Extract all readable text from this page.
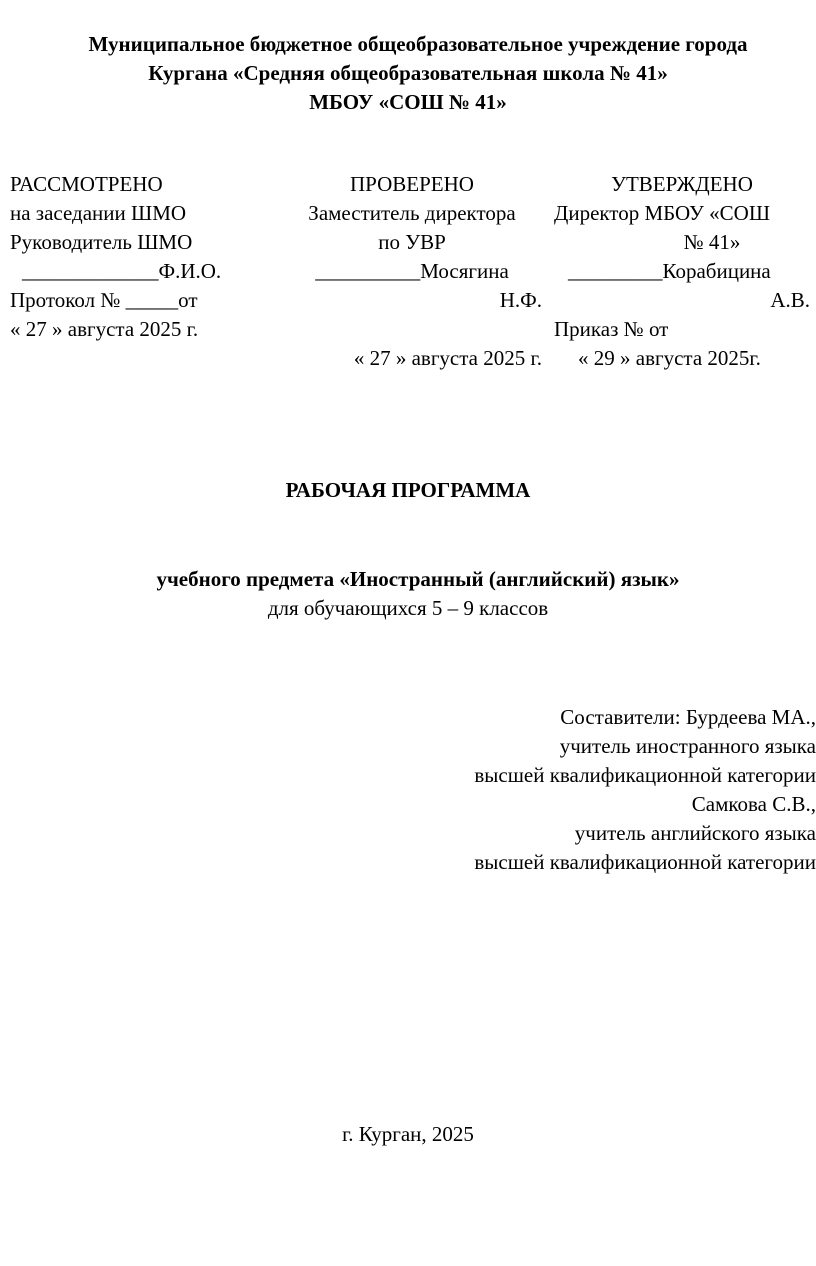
Муниципальное бюджетное общеобразовательное учреждение города
Кургана «Средняя общеобразовательная школа № 41»
МБОУ «СОШ № 41»
РАССМОТРЕНО
на заседании ШМО
Руководитель ШМО
_____________Ф.И.О.
Протокол № _____от
« 27 » августа 2025 г.
ПРОВЕРЕНО
Заместитель директора
по УВР
__________Мосягина
Н.Ф.
« 27 » августа 2025 г.
УТВЕРЖДЕНО
Директор МБОУ «СОШ
№ 41»
_________Корабицина
А.В.
Приказ № от
« 29 » августа 2025г.
РАБОЧАЯ ПРОГРАММА
учебного предмета «Иностранный (английский) язык»
для обучающихся 5 – 9 классов
Составители: Бурдеева МА.,
учитель иностранного языка
высшей квалификационной категории
Самкова С.В.,
учитель английского языка
высшей квалификационной категории
г. Курган, 2025
